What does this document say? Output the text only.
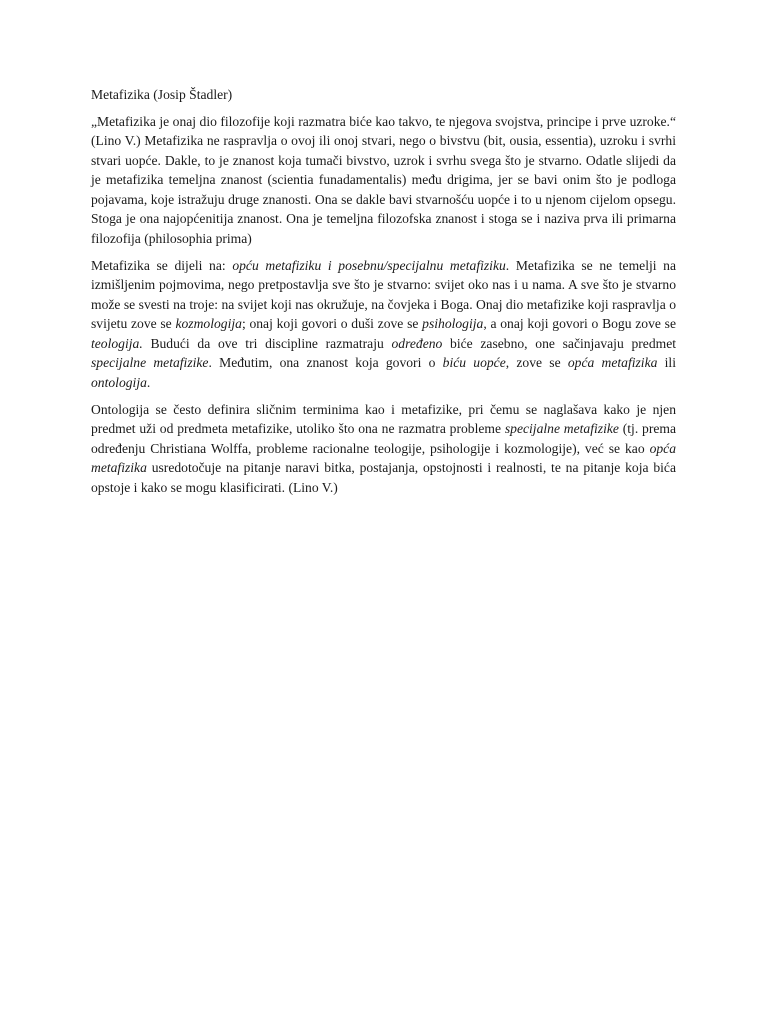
Metafizika (Josip Štadler)

„Metafizika je onaj dio filozofije koji razmatra biće kao takvo, te njegova svojstva, principe i prve uzroke.“ (Lino V.) Metafizika ne raspravlja o ovoj ili onoj stvari, nego o bivstvu (bit, ousia, essentia), uzroku i svrhi stvari uopće. Dakle, to je znanost koja tumači bivstvo, uzrok i svrhu svega što je stvarno. Odatle slijedi da je metafizika temeljna znanost (scientia funadamentalis) među drigima, jer se bavi onim što je podloga pojavama, koje istražuju druge znanosti. Ona se dakle bavi stvarnošću uopće i to u njenom cijelom opsegu. Stoga je ona najopćenitija znanost. Ona je temeljna filozofska znanost i stoga se i naziva prva ili primarna filozofija (philosophia prima)

Metafizika se dijeli na: opću metafiziku i posebnu/specijalnu metafiziku. Metafizika se ne temelji na izmišljenim pojmovima, nego pretpostavlja sve što je stvarno: svijet oko nas i u nama. A sve što je stvarno može se svesti na troje: na svijet koji nas okružuje, na čovjeka i Boga. Onaj dio metafizike koji raspravlja o svijetu zove se kozmologija; onaj koji govori o duši zove se psihologija, a onaj koji govori o Bogu zove se teologija. Budući da ove tri discipline razmatraju određeno biće zasebno, one sačinjavaju predmet specijalne metafizike. Međutim, ona znanost koja govori o biću uopće, zove se opća metafizika ili ontologija.

Ontologija se često definira sličnim terminima kao i metafizike, pri čemu se naglašava kako je njen predmet uži od predmeta metafizike, utoliko što ona ne razmatra probleme specijalne metafizike (tj. prema određenju Christiana Wolffa, probleme racionalne teologije, psihologije i kozmologije), već se kao opća metafizika usredotočuje na pitanje naravi bitka, postajanja, opstojnosti i realnosti, te na pitanje koja bića opstoje i kako se mogu klasificirati. (Lino V.)
